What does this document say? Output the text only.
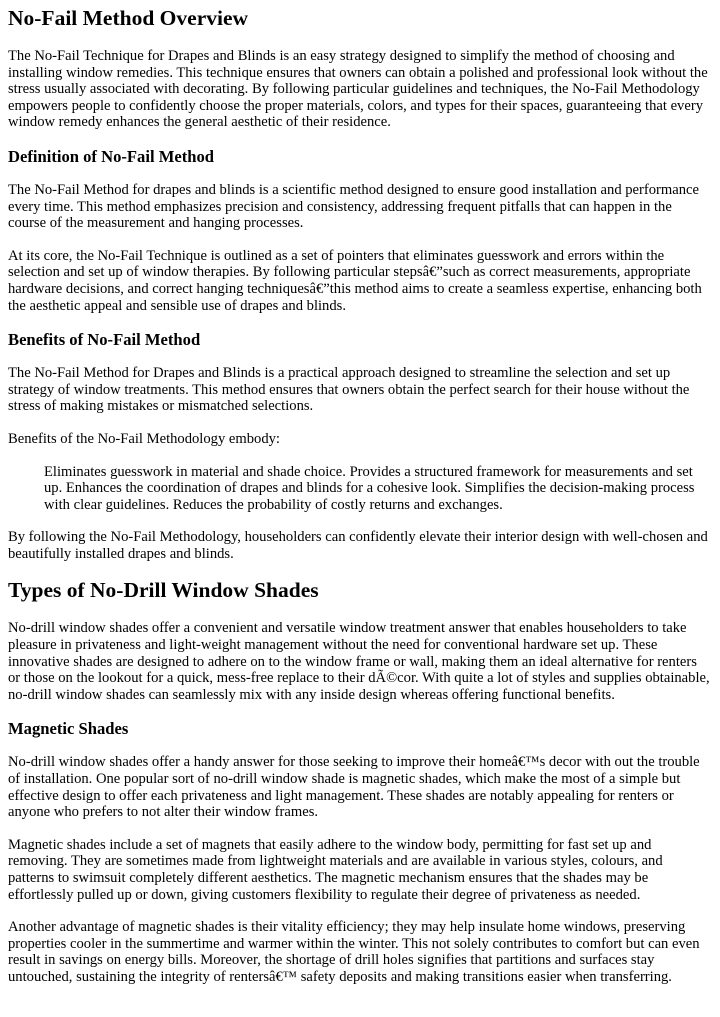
No-Fail Method Overview

The No-Fail Technique for Drapes and Blinds is an easy strategy designed to simplify the method of choosing and installing window remedies. This technique ensures that owners can obtain a polished and professional look without the stress usually associated with decorating. By following particular guidelines and techniques, the No-Fail Methodology empowers people to confidently choose the proper materials, colors, and types for their spaces, guaranteeing that every window remedy enhances the general aesthetic of their residence.

Definition of No-Fail Method

The No-Fail Method for drapes and blinds is a scientific method designed to ensure good installation and performance every time. This method emphasizes precision and consistency, addressing frequent pitfalls that can happen in the course of the measurement and hanging processes.

At its core, the No-Fail Technique is outlined as a set of pointers that eliminates guesswork and errors within the selection and set up of window therapies. By following particular stepsâ€”such as correct measurements, appropriate hardware decisions, and correct hanging techniquesâ€”this method aims to create a seamless expertise, enhancing both the aesthetic appeal and sensible use of drapes and blinds.

Benefits of No-Fail Method

The No-Fail Method for Drapes and Blinds is a practical approach designed to streamline the selection and set up strategy of window treatments. This method ensures that owners obtain the perfect search for their house without the stress of making mistakes or mismatched selections.

Benefits of the No-Fail Methodology embody:

Eliminates guesswork in material and shade choice. Provides a structured framework for measurements and set up. Enhances the coordination of drapes and blinds for a cohesive look. Simplifies the decision-making process with clear guidelines. Reduces the probability of costly returns and exchanges.

By following the No-Fail Methodology, householders can confidently elevate their interior design with well-chosen and beautifully installed drapes and blinds.

Types of No-Drill Window Shades

No-drill window shades offer a convenient and versatile window treatment answer that enables householders to take pleasure in privateness and light-weight management without the need for conventional hardware set up. These innovative shades are designed to adhere on to the window frame or wall, making them an ideal alternative for renters or those on the lookout for a quick, mess-free replace to their dÃ©cor. With quite a lot of styles and supplies obtainable, no-drill window shades can seamlessly mix with any inside design whereas offering functional benefits.

Magnetic Shades

No-drill window shades offer a handy answer for those seeking to improve their homeâ€™s decor with out the trouble of installation. One popular sort of no-drill window shade is magnetic shades, which make the most of a simple but effective design to offer each privateness and light management. These shades are notably appealing for renters or anyone who prefers to not alter their window frames.

Magnetic shades include a set of magnets that easily adhere to the window body, permitting for fast set up and removing. They are sometimes made from lightweight materials and are available in various styles, colours, and patterns to swimsuit completely different aesthetics. The magnetic mechanism ensures that the shades may be effortlessly pulled up or down, giving customers flexibility to regulate their degree of privateness as needed.

Another advantage of magnetic shades is their vitality efficiency; they may help insulate home windows, preserving properties cooler in the summertime and warmer within the winter. This not solely contributes to comfort but can even result in savings on energy bills. Moreover, the shortage of drill holes signifies that partitions and surfaces stay untouched, sustaining the integrity of rentersâ€™ safety deposits and making transitions easier when transferring.
